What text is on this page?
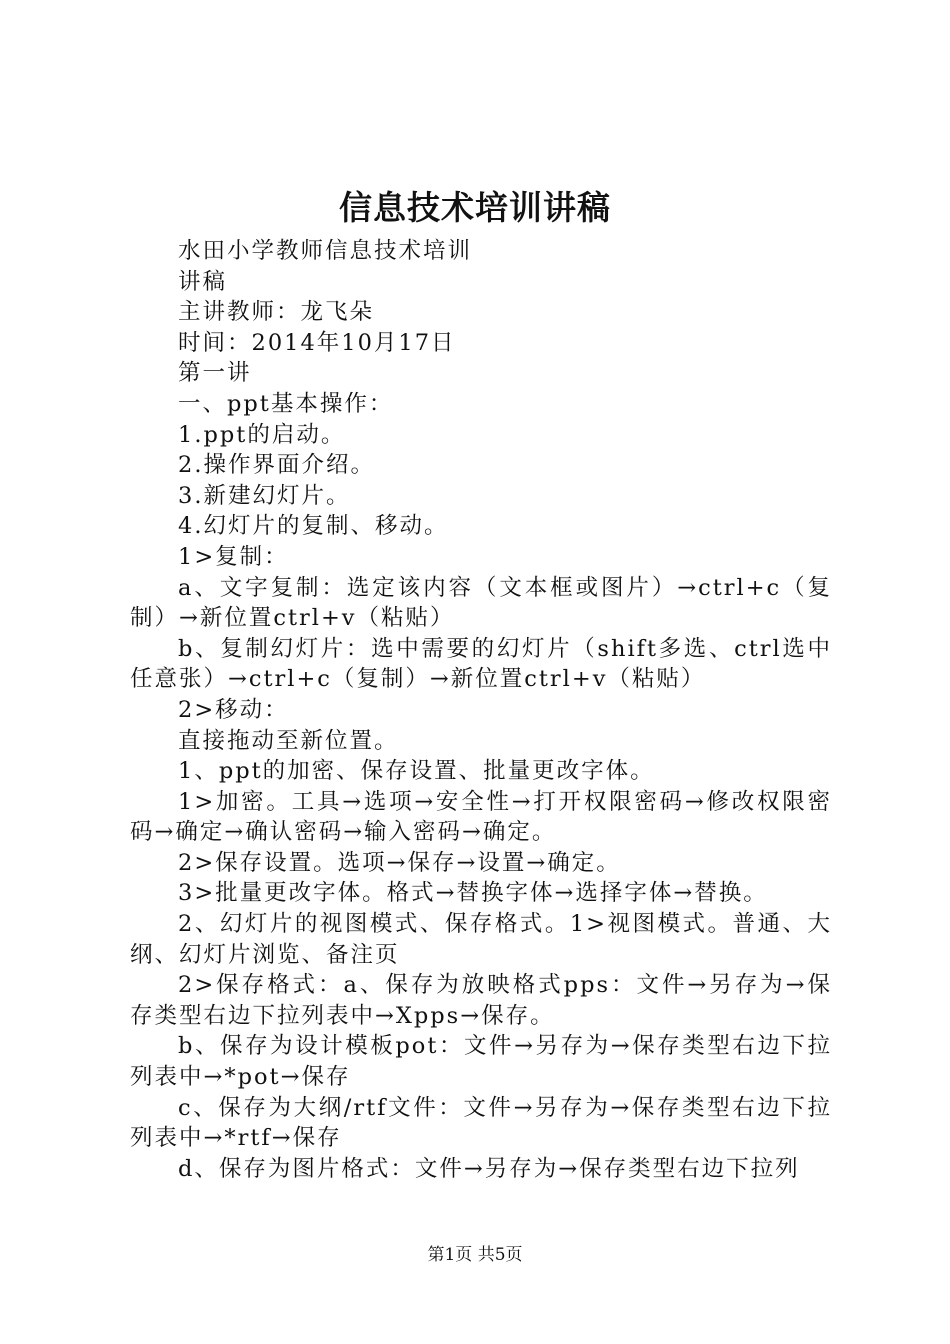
信息技术培训讲稿

水田小学教师信息技术培训

讲稿

主讲教师：龙飞朵

时间：2014年10月17日

第一讲

一、ppt基本操作：

1.ppt的启动。

2.操作界面介绍。

3.新建幻灯片。

4.幻灯片的复制、移动。

1>复制：

a、文字复制：选定该内容（文本框或图片）→ctrl+c（复制）→新位置ctrl+v（粘贴）

b、复制幻灯片：选中需要的幻灯片（shift多选、ctrl选中任意张）→ctrl+c（复制）→新位置ctrl+v（粘贴）

2>移动：

直接拖动至新位置。

1、ppt的加密、保存设置、批量更改字体。

1>加密。工具→选项→安全性→打开权限密码→修改权限密码→确定→确认密码→输入密码→确定。

2>保存设置。选项→保存→设置→确定。

3>批量更改字体。格式→替换字体→选择字体→替换。

2、幻灯片的视图模式、保存格式。1>视图模式。普通、大纲、幻灯片浏览、备注页

2>保存格式：a、保存为放映格式pps：文件→另存为→保存类型右边下拉列表中→Xpps→保存。

b、保存为设计模板pot：文件→另存为→保存类型右边下拉列表中→*pot→保存

c、保存为大纲/rtf文件：文件→另存为→保存类型右边下拉列表中→*rtf→保存

d、保存为图片格式：文件→另存为→保存类型右边下拉列

第1页 共5页
